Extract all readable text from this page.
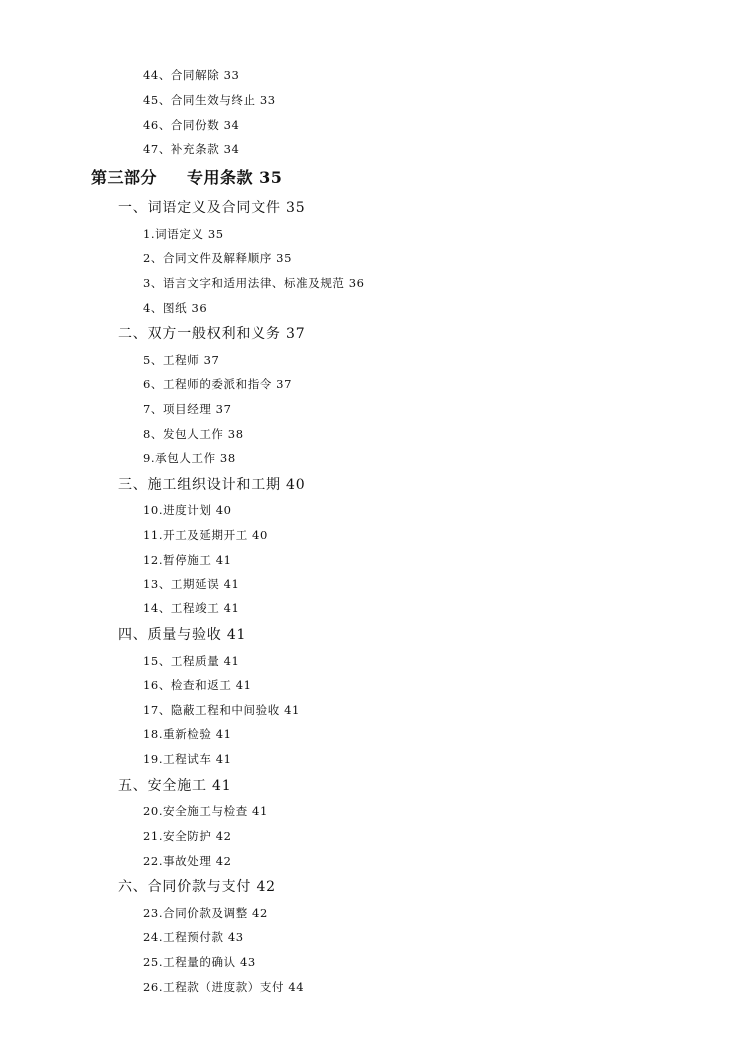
44、合同解除 33
45、合同生效与终止 33
46、合同份数 34
47、补充条款 34
第三部分 专用条款 35
一、词语定义及合同文件 35
1.词语定义 35
2、合同文件及解释顺序 35
3、语言文字和适用法律、标准及规范 36
4、图纸 36
二、双方一般权利和义务 37
5、工程师 37
6、工程师的委派和指令 37
7、项目经理 37
8、发包人工作 38
9.承包人工作 38
三、施工组织设计和工期 40
10.进度计划 40
11.开工及延期开工 40
12.暂停施工 41
13、工期延误 41
14、工程竣工 41
四、质量与验收 41
15、工程质量 41
16、检查和返工 41
17、隐蔽工程和中间验收 41
18.重新检验 41
19.工程试车 41
五、安全施工 41
20.安全施工与检查 41
21.安全防护 42
22.事故处理 42
六、合同价款与支付 42
23.合同价款及调整 42
24.工程预付款 43
25.工程量的确认 43
26.工程款（进度款）支付 44
